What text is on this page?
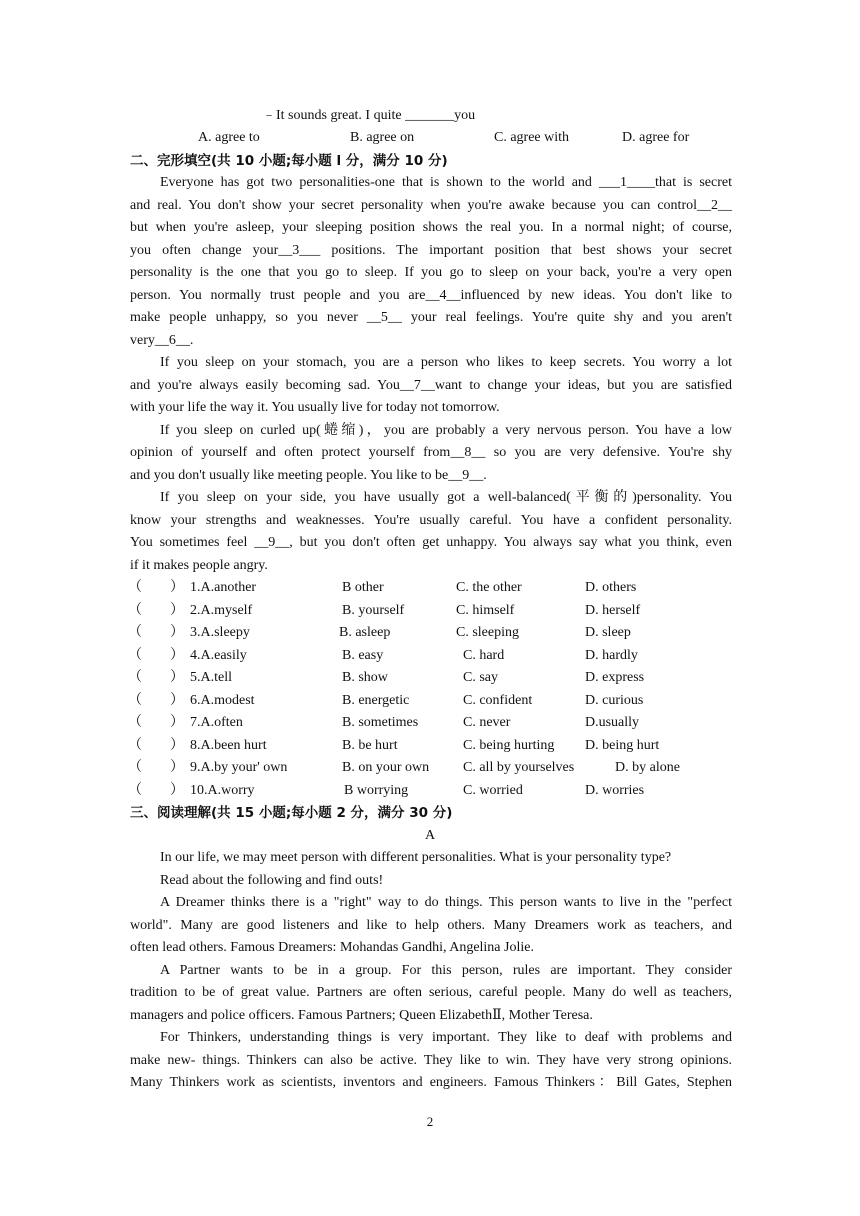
﹣It sounds great. I quite _______you
A. agree to	B. agree on	C. agree with	D. agree for
二、完形填空(共 10 小题;每小题 l 分，满分 10 分)
Everyone has got two personalities-one that is shown to the world and ___1____that is secret
and real. You don't show your secret personality when you're awake because you can control__2__
but when you're asleep, your sleeping position shows the real you. In a normal night; of course,
you often change your__3___ positions. The important position that best shows your secret
personality is the one that you go to sleep. If you go to sleep on your back, you're a very open
person. You normally trust people and you are__4__influenced by new ideas. You don't like to
make people unhappy, so you never __5__ your real feelings. You're quite shy and you aren't
very__6__.
If you sleep on your stomach, you are a person who likes to keep secrets. You worry a lot
and you're always easily becoming sad. You__7__want to change your ideas, but you are satisfied
with your life the way it. You usually live for today not tomorrow.
If you sleep on curled up(蜷缩)，you are probably a very nervous person. You have a low
opinion of yourself and often protect yourself from__8__ so you are very defensive. You're shy
and you don't usually like meeting people. You like to be__9__.
If you sleep on your side, you have usually got a well-balanced(平衡的)personality. You
know your strengths and weaknesses. You're usually careful. You have a confident personality.
You sometimes feel __9__, but you don't often get unhappy. You always say what you think, even
if it makes people angry.
（　　） 1.A.another	B other	C. the other	D. others
（　　） 2.A.myself	B. yourself	C. himself	D. herself
（　　） 3.A.sleepy	B. asleep	C. sleeping	D. sleep
（　　） 4.A.easily	B. easy	C. hard	D. hardly
（　　） 5.A.tell	B. show	C. say	D. express
（　　） 6.A.modest	B. energetic	C. confident	D. curious
（　　） 7.A.often	B. sometimes	C. never	D.usually
（　　） 8.A.been hurt	B. be hurt	C. being hurting D. being hurt
（　　） 9.A.by your' own	B. on your own C. all by yourselves	D. by alone
（　　） 10.A.worry	B worrying	C. worried	D. worries
三、阅读理解(共 15 小题;每小题 2 分，满分 30 分)
A
In our life, we may meet person with different personalities. What is your personality type?
Read about the following and find outs!
A Dreamer thinks there is a "right" way to do things. This person wants to live in the "perfect
world". Many are good listeners and like to help others. Many Dreamers work as teachers, and
often lead others. Famous Dreamers: Mohandas Gandhi, Angelina Jolie.
A Partner wants to be in a group. For this person, rules are important. They consider
tradition to be of great value. Partners are often serious, careful people. Many do well as teachers,
managers and police officers. Famous Partners; Queen ElizabethⅡ, Mother Teresa.
For Thinkers, understanding things is very important. They like to deaf with problems and
make new- things. Thinkers can also be active. They like to win. They have very strong opinions.
Many Thinkers work as scientists, inventors and engineers. Famous Thinkers：Bill Gates, Stephen
2
